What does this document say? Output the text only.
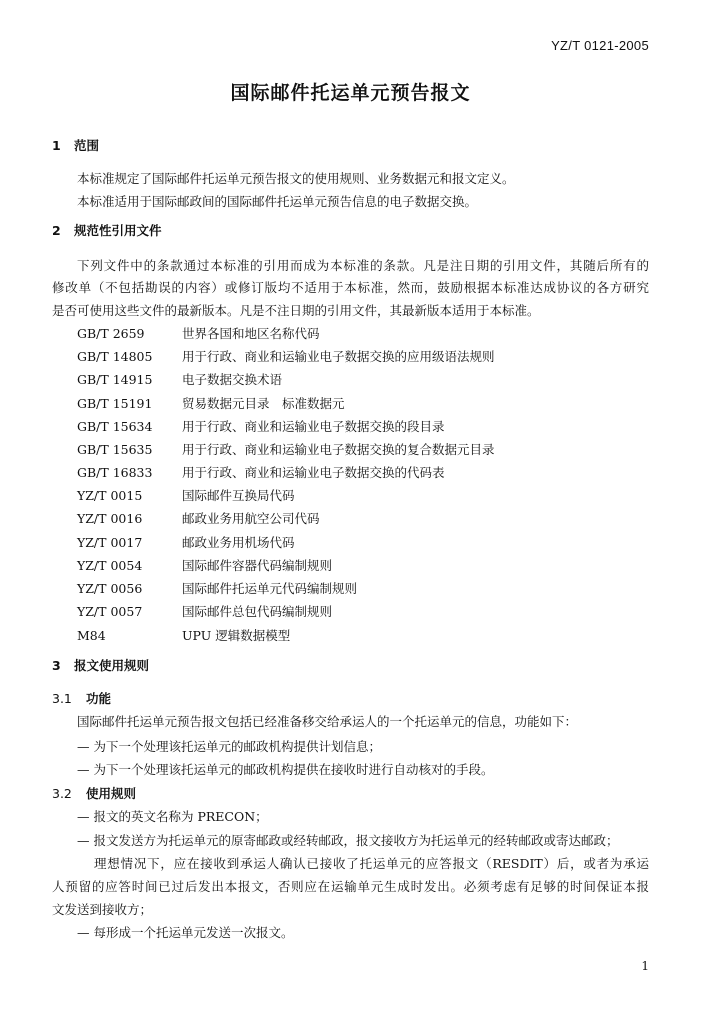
YZ/T 0121-2005
国际邮件托运单元预告报文
1 范围
本标准规定了国际邮件托运单元预告报文的使用规则、业务数据元和报文定义。
本标准适用于国际邮政间的国际邮件托运单元预告信息的电子数据交换。
2 规范性引用文件
下列文件中的条款通过本标准的引用而成为本标准的条款。凡是注日期的引用文件，其随后所有的
修改单（不包括勘误的内容）或修订版均不适用于本标准，然而，鼓励根据本标准达成协议的各方研究
是否可使用这些文件的最新版本。凡是不注日期的引用文件，其最新版本适用于本标准。
GB/T 2659	世界各国和地区名称代码
GB/T 14805 用于行政、商业和运输业电子数据交换的应用级语法规则
GB/T 14915 电子数据交换术语
GB/T 15191 贸易数据元目录　标准数据元
GB/T 15634 用于行政、商业和运输业电子数据交换的段目录
GB/T 15635 用于行政、商业和运输业电子数据交换的复合数据元目录
GB/T 16833 用于行政、商业和运输业电子数据交换的代码表
YZ/T 0015	国际邮件互换局代码
YZ/T 0016	邮政业务用航空公司代码
YZ/T 0017	邮政业务用机场代码
YZ/T 0054	国际邮件容器代码编制规则
YZ/T 0056	国际邮件托运单元代码编制规则
YZ/T 0057	国际邮件总包代码编制规则
M84	UPU 逻辑数据模型
3 报文使用规则
3.1 功能
国际邮件托运单元预告报文包括已经准备移交给承运人的一个托运单元的信息，功能如下：
— 为下一个处理该托运单元的邮政机构提供计划信息；
— 为下一个处理该托运单元的邮政机构提供在接收时进行自动核对的手段。
3.2 使用规则
— 报文的英文名称为 PRECON；
— 报文发送方为托运单元的原寄邮政或经转邮政，报文接收方为托运单元的经转邮政或寄达邮政；
理想情况下，应在接收到承运人确认已接收了托运单元的应答报文（RESDIT）后，或者为承运
人预留的应答时间已过后发出本报文，否则应在运输单元生成时发出。必须考虑有足够的时间保证本报
文发送到接收方；
— 每形成一个托运单元发送一次报文。
1
